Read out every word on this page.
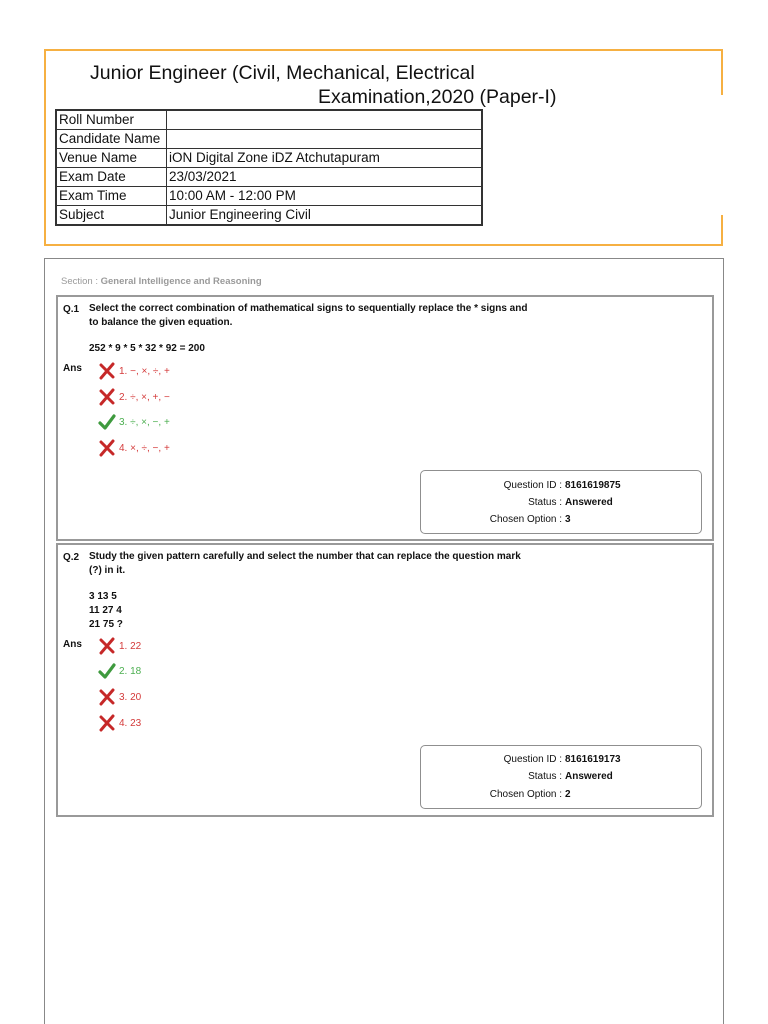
Junior Engineer (Civil, Mechanical, Electrical
Examination,2020 (Paper-I)
Roll Number	
Candidate Name	
Venue Name	iON Digital Zone iDZ Atchutapuram
Exam Date	23/03/2021
Exam Time	10:00 AM - 12:00 PM
Subject	Junior Engineering Civil
Section : General Intelligence and Reasoning
Q.1 Select the correct combination of mathematical signs to sequentially replace the * signs and to balance the given equation.
252 * 9 * 5 * 32 * 92 = 200
Ans	1. −, ×, ÷, +
2. ÷, ×, +, −
3. ÷, ×, −, +
4. ×, ÷, −, +
Question ID : 8161619875
Status : Answered
Chosen Option : 3
Q.2 Study the given pattern carefully and select the number that can replace the question mark (?) in it.
3 13 5
11 27 4
21 75 ?
Ans	1. 22
2. 18
3. 20
4. 23
Question ID : 8161619173
Status : Answered
Chosen Option : 2
